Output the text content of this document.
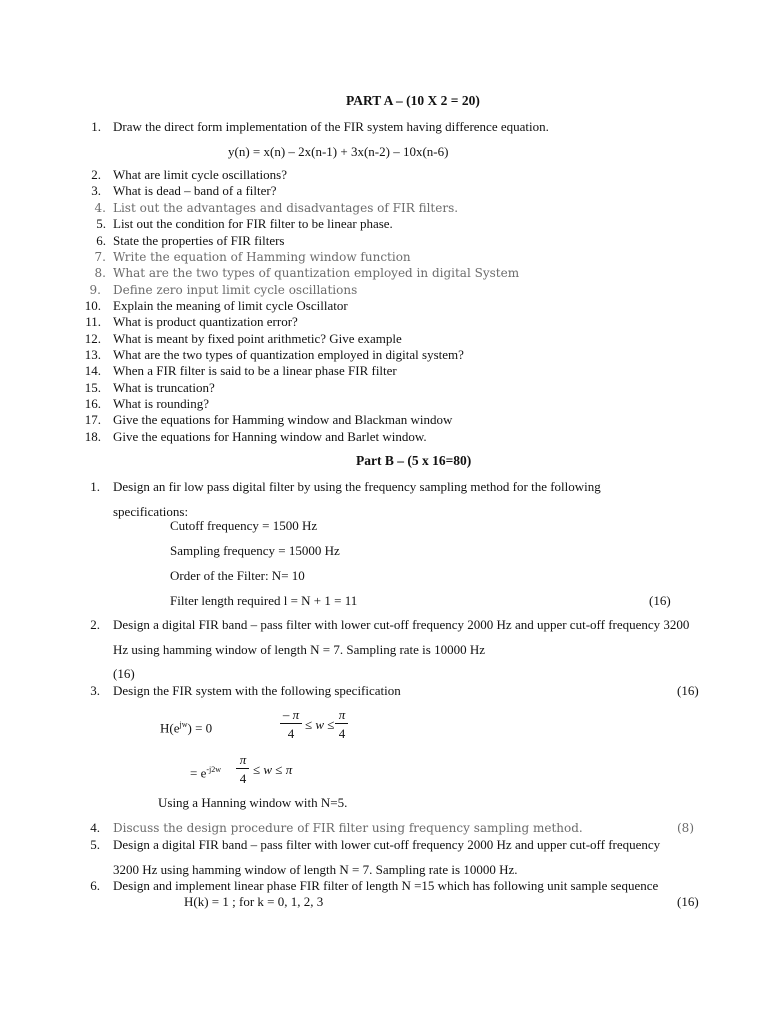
PART A – (10 X 2 = 20)
1. Draw the direct form implementation of the FIR system having difference equation.
2. What are limit cycle oscillations?
3. What is dead – band of a filter?
4. List out the advantages and disadvantages of FIR filters.
5. List out the condition for FIR filter to be linear phase.
6. State the properties of FIR filters
7. Write the equation of Hamming window function
8. What are the two types of quantization employed in digital System
9. Define zero input limit cycle oscillations
10. Explain the meaning of limit cycle Oscillator
11. What is product quantization error?
12. What is meant by fixed point arithmetic? Give example
13. What are the two types of quantization employed in digital system?
14. When a FIR filter is said to be a linear phase FIR filter
15. What is truncation?
16. What is rounding?
17. Give the equations for Hamming window and Blackman window
18. Give the equations for Hanning window and Barlet window.
y(n) = x(n) – 2x(n-1) + 3x(n-2) – 10x(n-6)
Part B – (5 x 16=80)
1. Design an fir low pass digital filter by using the frequency sampling method for the following
specifications:
Cutoff frequency = 1500 Hz
Sampling frequency = 15000 Hz
Order of the Filter: N= 10
Filter length required l = N + 1 = 11	(16)
2. Design a digital FIR band – pass filter with lower cut-off frequency 2000 Hz and upper cut-off frequency 3200
Hz using hamming window of length N = 7. Sampling rate is 10000 Hz
(16)
3. Design the FIR system with the following specification	(16)
$H(e^{jw}) = 0$
– π
4
≤ w ≤
π
4
= $e^{-j2w}$
π
4
≤ w ≤ π
Using a Hanning window with N=5.
4. Discuss the design procedure of FIR filter using frequency sampling method.	(8)
5. Design a digital FIR band – pass filter with lower cut-off frequency 2000 Hz and upper cut-off frequency
3200 Hz using hamming window of length N = 7. Sampling rate is 10000 Hz.
6. Design and implement linear phase FIR filter of length N =15 which has following unit sample sequence
H(k) = 1 ; for k = 0, 1, 2, 3	(16)
